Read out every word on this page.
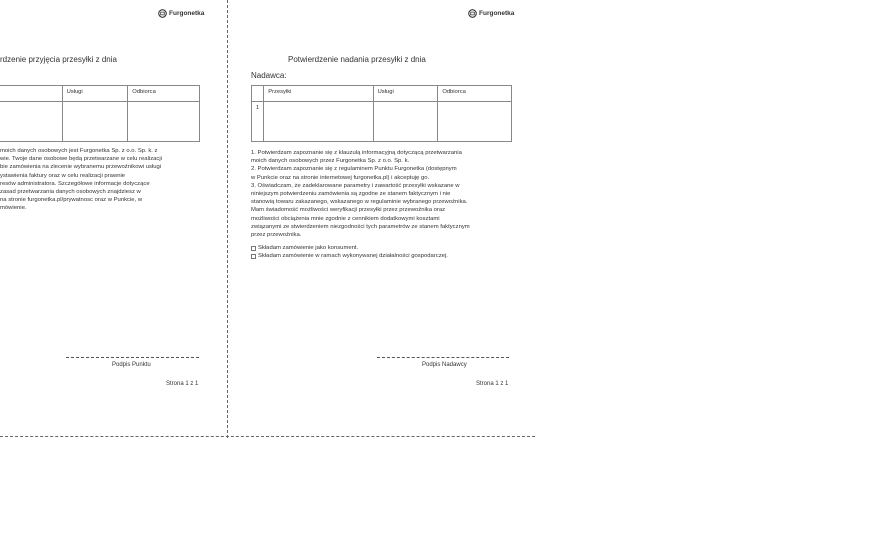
Furgonetka
rdzenie przyjęcia przesyłki z dnia
	Usługi	Odbiorca

moich danych osobowych jest Furgonetka Sp. z o.o. Sp. k. z

wie. Twoje dane osobowe będą przetwarzane w celu realizacji

bie zamówienia na zlecenie wybranemu przewoźnikowi usługi

ystawienia faktury oraz w celu realizacji prawnie

resów administratora. Szczegółowe informacje dotyczące

zasad przetwarzania danych osobowych znajdziesz w

na stronie furgonetka.pl/prywatnosc oraz w Punkcie, w

mówienie.

Podpis Punktu
Strona 1 z 1
Furgonetka
Potwierdzenie nadania przesyłki z dnia
Nadawca:
	Przesyłki	Usługi	Odbiorca
1			

1. Potwierdzam zapoznanie się z klauzulą informacyjną dotyczącą przetwarzania

moich danych osobowych przez Furgonetka Sp. z o.o. Sp. k.

2. Potwierdzam zapoznanie się z regulaminem Punktu Furgonetka (dostępnym

w Punkcie oraz na stronie internetowej furgonetka.pl) i akceptuję go.

3. Oświadczam, że zadeklarowane parametry i zawartość przesyłki wskazane w

niniejszym potwierdzeniu zamówienia są zgodne ze stanem faktycznym i nie

stanowią towaru zakazanego, wskazanego w regulaminie wybranego przewoźnika.

Mam świadomość możliwości weryfikacji przesyłki przez przewoźnika oraz

możliwości obciążenia mnie zgodnie z cennikiem dodatkowymi kosztami

związanymi ze stwierdzeniem niezgodności tych parametrów ze stanem faktycznym

przez przewoźnika.

Składam zamówienie jako konsument.
Składam zamówienie w ramach wykonywanej działalności gospodarczej.
Podpis Nadawcy
Strona 1 z 1
